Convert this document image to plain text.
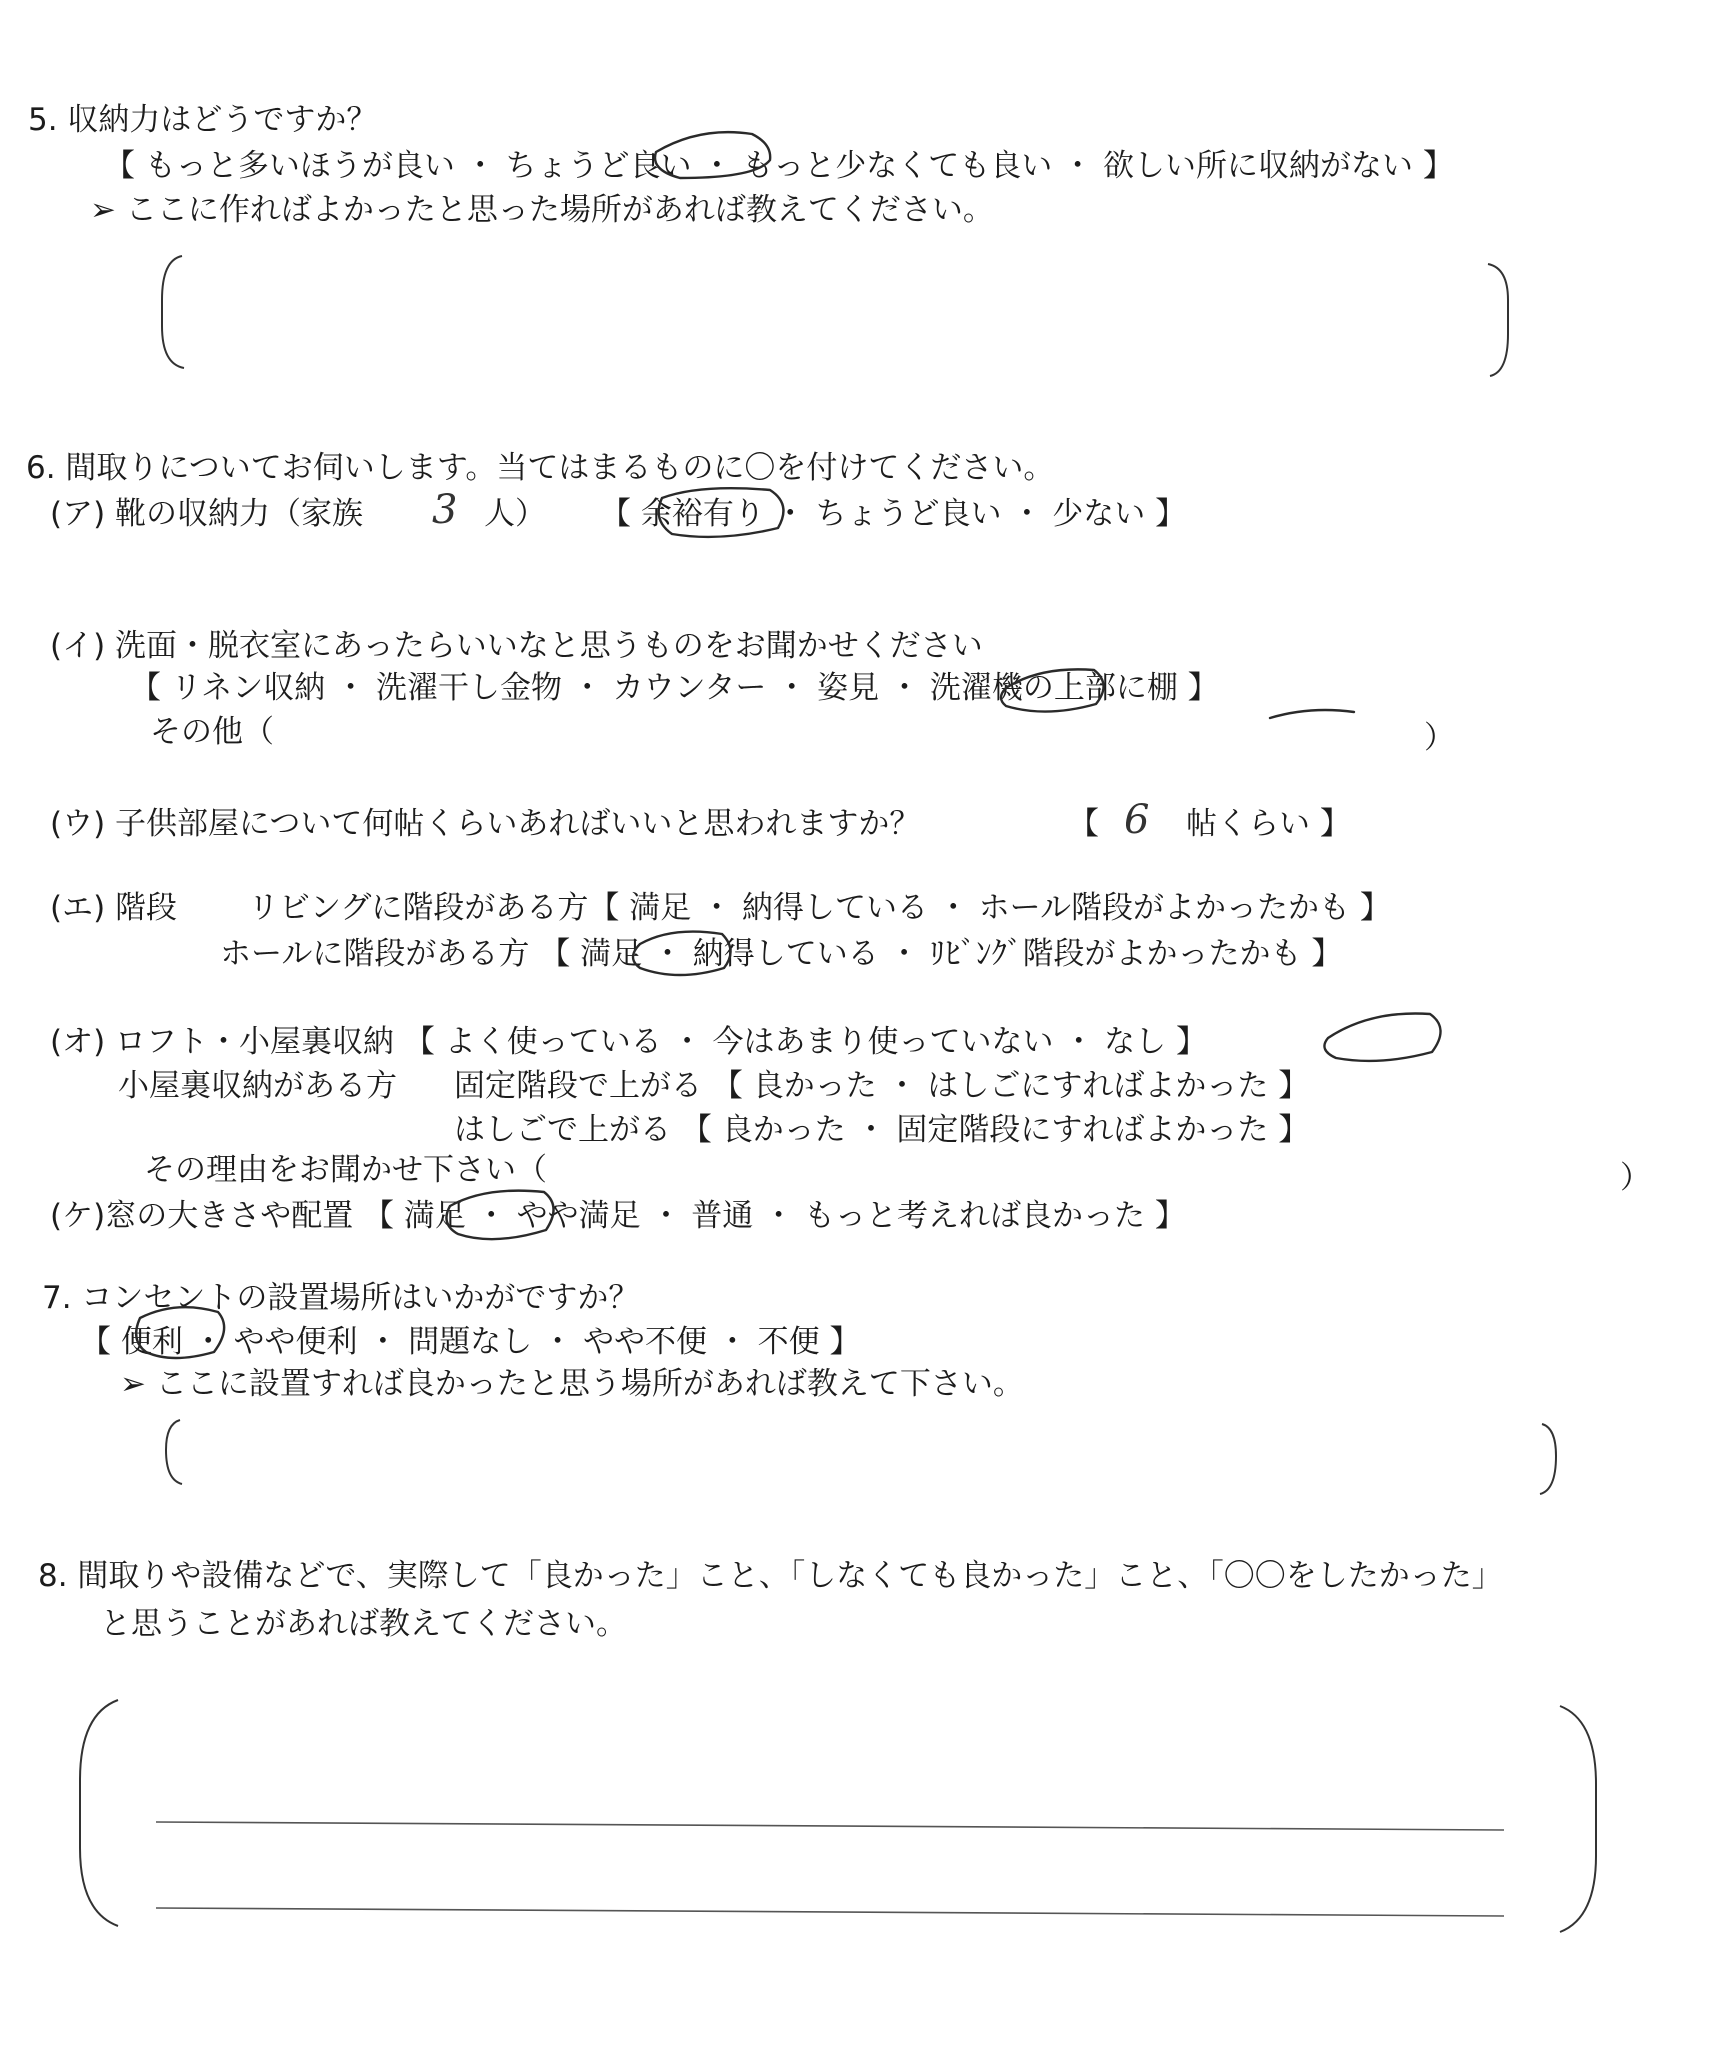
5. 収納力はどうですか？
【 もっと多いほうが良い ・ ちょうど良い ・ もっと少なくても良い ・ 欲しい所に収納がない 】
➢ ここに作ればよかったと思った場所があれば教えてください。
6. 間取りについてお伺いします。当てはまるものに〇を付けてください。
(ア) 靴の収納力（家族 3 人） 【 余裕有り ・ ちょうど良い ・ 少ない 】
(イ) 洗面・脱衣室にあったらいいなと思うものをお聞かせください
【 リネン収納 ・ 洗濯干し金物 ・ カウンター ・ 姿見 ・ 洗濯機の上部に棚 】
その他（	）
(ウ) 子供部屋について何帖くらいあればいいと思われますか？	【 6 帖くらい 】
(エ) 階段 リビングに階段がある方【 満足 ・ 納得している ・ ホール階段がよかったかも 】
ホールに階段がある方 【 満足 ・ 納得している ・ ﾘﾋﾞﾝｸﾞ階段がよかったかも 】
(オ) ロフト・小屋裏収納 【 よく使っている ・ 今はあまり使っていない ・ なし 】
小屋裏収納がある方 固定階段で上がる 【 良かった ・ はしごにすればよかった 】
はしごで上がる 【 良かった ・ 固定階段にすればよかった 】
その理由をお聞かせ下さい（	）
(ケ)窓の大きさや配置 【 満足 ・ やや満足 ・ 普通 ・ もっと考えれば良かった 】
7. コンセントの設置場所はいかがですか？
【 便利 ・ やや便利 ・ 問題なし ・ やや不便 ・ 不便 】
➢ ここに設置すれば良かったと思う場所があれば教えて下さい。
8. 間取りや設備などで、実際して「良かった」こと、「しなくても良かった」こと、「〇〇をしたかった」
と思うことがあれば教えてください。
